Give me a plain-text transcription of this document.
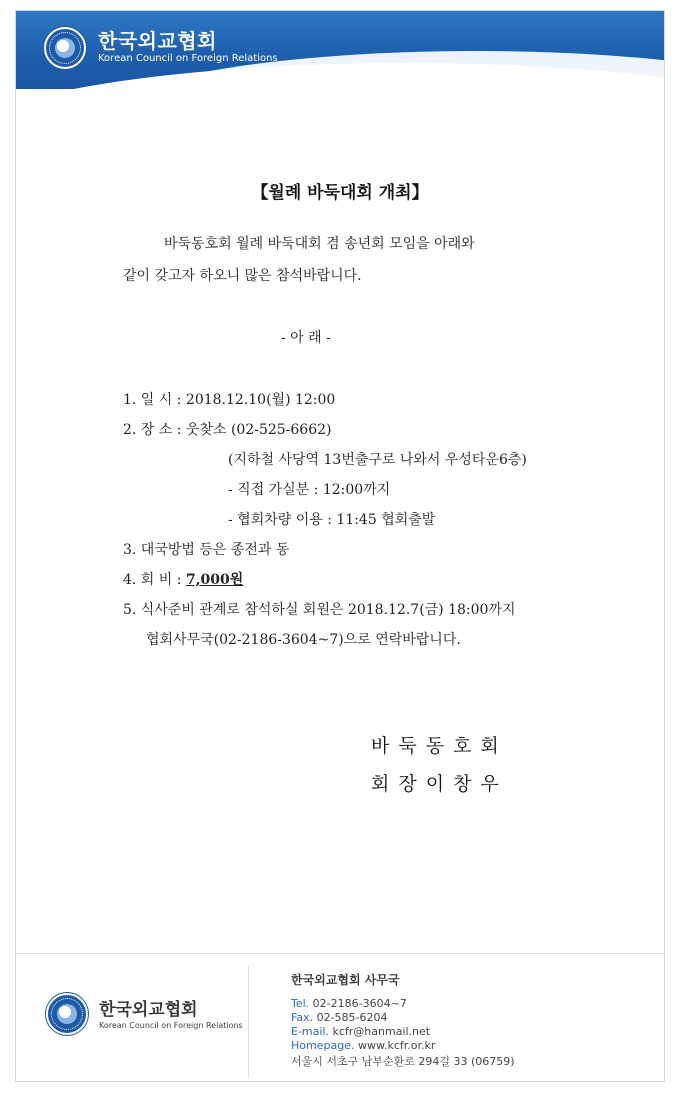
한국외교협회
Korean Council on Foreign Relations
【월례 바둑대회 개최】
바둑동호회 월례 바둑대회 겸 송년회 모임을 아래와
같이 갖고자 하오니 많은 참석바랍니다.
- 아 래 -
1. 일 시 : 2018.12.10(월) 12:00
2. 장 소 : 웃찾소 (02-525-6662)
(지하철 사당역 13번출구로 나와서 우성타운6층)
- 직접 가실분 : 12:00까지
- 협회차량 이용 : 11:45 협회출발
3. 대국방법 등은 종전과 동
4. 회 비 : 7,000원
5. 식사준비 관계로 참석하실 회원은 2018.12.7(금) 18:00까지
협회사무국(02-2186-3604~7)으로 연락바랍니다.
바둑동호회
회장이창우
한국외교협회
Korean Council on Foreign Relations
한국외교협회 사무국
Tel. 02-2186-3604~7
Fax. 02-585-6204
E-mail. kcfr@hanmail.net
Homepage. www.kcfr.or.kr
서울시 서초구 남부순환로 294길 33 (06759)
